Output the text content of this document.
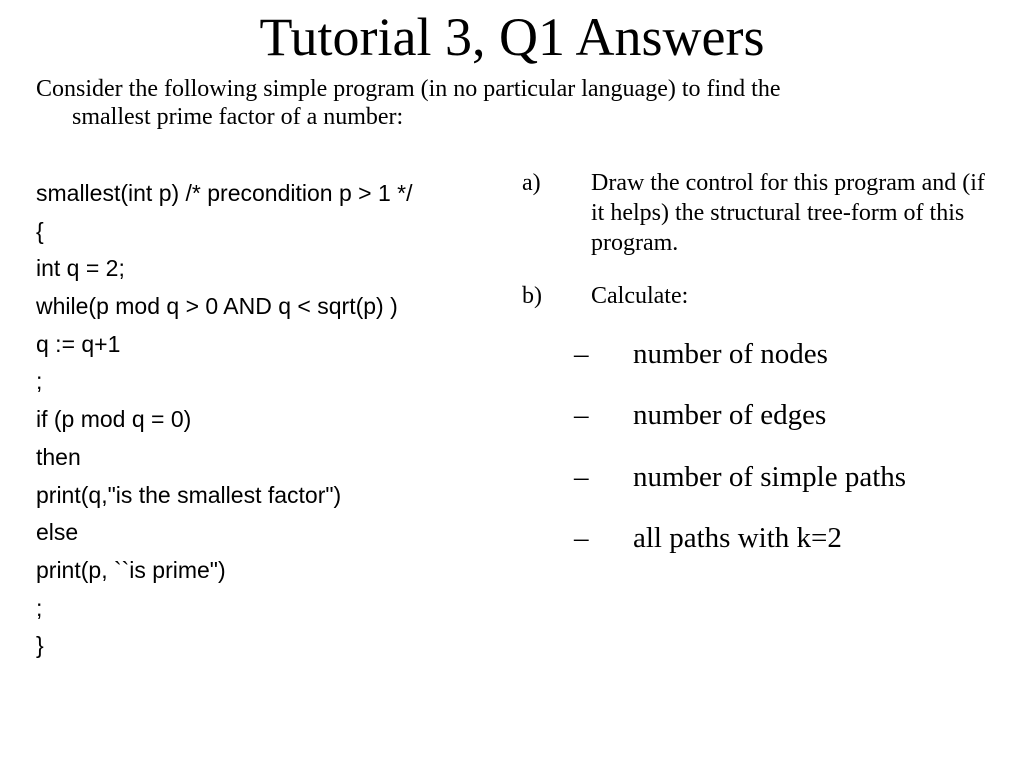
Tutorial 3, Q1 Answers
Consider the following simple program (in no particular language) to find the
smallest prime factor of a number:
smallest(int p) /* precondition p > 1 */
{
int q = 2;
while(p mod q > 0 AND q < sqrt(p) )
q := q+1
;
if (p mod q = 0)
then
print(q,"is the smallest factor")
else
print(p, ``is prime")
;
}
a)	Draw the control for this program and (if it helps) the structural tree-form of this program.
b)	Calculate:
– number of nodes
– number of edges
– number of simple paths
– all paths with k=2
